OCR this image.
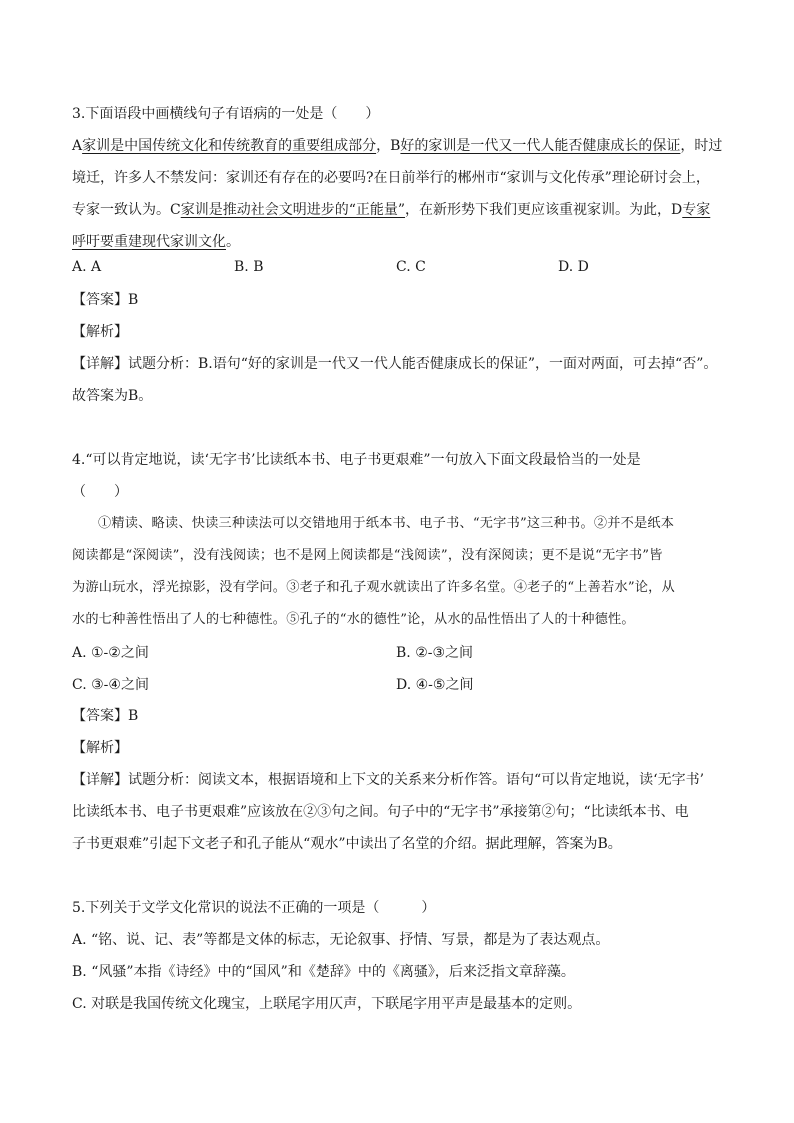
3.下面语段中画横线句子有语病的一处是（　　）
A家训是中国传统文化和传统教育的重要组成部分，B好的家训是一代又一代人能否健康成长的保证，时过
境迁，许多人不禁发问：家训还有存在的必要吗?在日前举行的郴州市“家训与文化传承”理论研讨会上，
专家一致认为。C家训是推动社会文明进步的“正能量”，在新形势下我们更应该重视家训。为此，D专家
呼吁要重建现代家训文化。
A. A	B. B	C. C	D. D
【答案】B
【解析】
【详解】试题分析：B.语句“好的家训是一代又一代人能否健康成长的保证”，一面对两面，可去掉“否”。
故答案为B。
4.“可以肯定地说，读‘无字书’比读纸本书、电子书更艰难”一句放入下面文段最恰当的一处是
（　　）
①精读、略读、快读三种读法可以交错地用于纸本书、电子书、“无字书”这三种书。②并不是纸本
阅读都是“深阅读”，没有浅阅读；也不是网上阅读都是“浅阅读”，没有深阅读；更不是说“无字书”皆
为游山玩水，浮光掠影，没有学问。③老子和孔子观水就读出了许多名堂。④老子的“上善若水”论，从
水的七种善性悟出了人的七种德性。⑤孔子的“水的德性”论，从水的品性悟出了人的十种德性。
A. ①-②之间	B. ②-③之间
C. ③-④之间	D. ④-⑤之间
【答案】B
【解析】
【详解】试题分析：阅读文本，根据语境和上下文的关系来分析作答。语句“可以肯定地说，读‘无字书’
比读纸本书、电子书更艰难”应该放在②③句之间。句子中的“无字书”承接第②句；“比读纸本书、电
子书更艰难”引起下文老子和孔子能从“观水”中读出了名堂的介绍。据此理解，答案为B。
5.下列关于文学文化常识的说法不正确的一项是（　　　）
A. “铭、说、记、表”等都是文体的标志，无论叙事、抒情、写景，都是为了表达观点。
B. “风骚”本指《诗经》中的“国风”和《楚辞》中的《离骚》，后来泛指文章辞藻。
C. 对联是我国传统文化瑰宝，上联尾字用仄声，下联尾字用平声是最基本的定则。
